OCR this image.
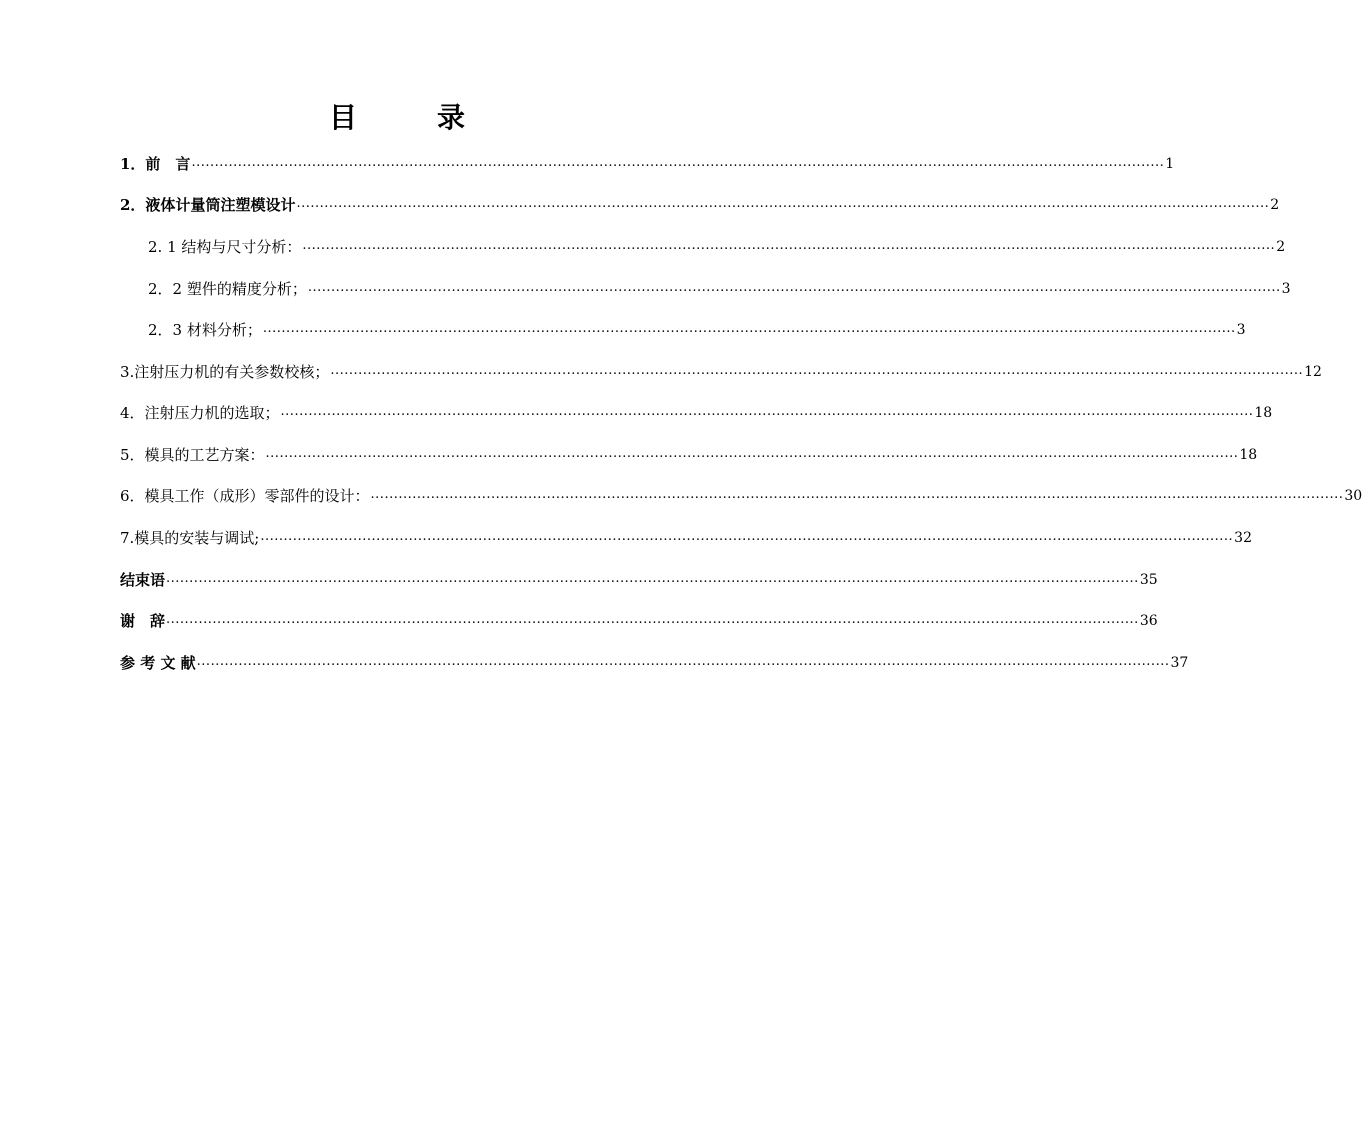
目　录
1．前　言 .................................................................................................................................................................................................................. 1
2．液体计量筒注塑模设计 .................................................................................................................................................................................................................. 2
2. 1 结构与尺寸分析： .................................................................................................................................................................................................................. 2
2．2 塑件的精度分析； .................................................................................................................................................................................................................. 3
2．3 材料分析； .................................................................................................................................................................................................................. 3
3.注射压力机的有关参数校核； .................................................................................................................................................................................................................. 12
4．注射压力机的选取； .................................................................................................................................................................................................................. 18
5．模具的工艺方案： .................................................................................................................................................................................................................. 18
6．模具工作（成形）零部件的设计： .................................................................................................................................................................................................................. 30
7.模具的安装与调试; .................................................................................................................................................................................................................. 32
结束语 .................................................................................................................................................................................................................. 35
谢　辞 .................................................................................................................................................................................................................. 36
参 考 文 献 .................................................................................................................................................................................................................. 37
